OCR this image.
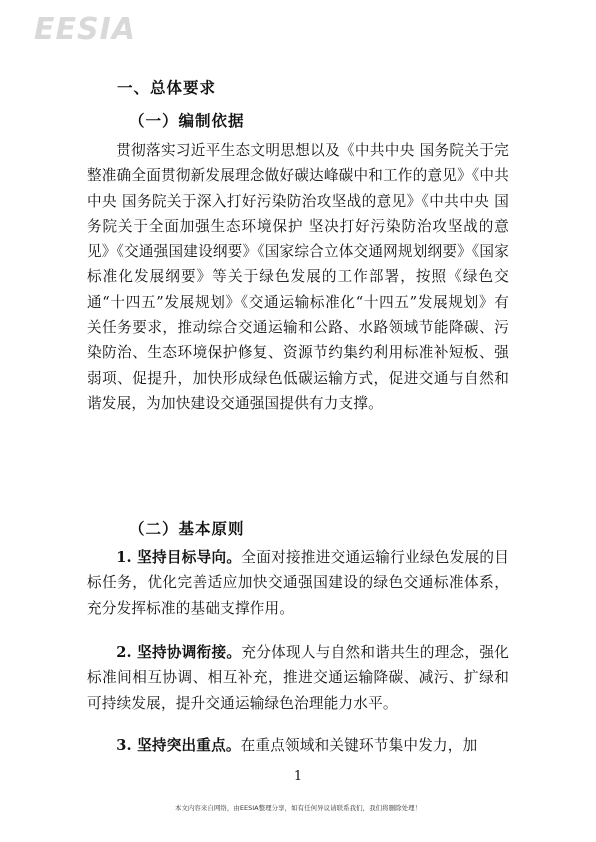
EESIA
一、总体要求
（一）编制依据

贯彻落实习近平生态文明思想以及《中共中央 国务院关于完整准确全面贯彻新发展理念做好碳达峰碳中和工作的意见》《中共中央 国务院关于深入打好污染防治攻坚战的意见》《中共中央 国务院关于全面加强生态环境保护 坚决打好污染防治攻坚战的意见》《交通强国建设纲要》《国家综合立体交通网规划纲要》《国家标准化发展纲要》等关于绿色发展的工作部署，按照《绿色交通“十四五”发展规划》《交通运输标准化“十四五”发展规划》有关任务要求，推动综合交通运输和公路、水路领域节能降碳、污染防治、生态环境保护修复、资源节约集约利用标准补短板、强弱项、促提升，加快形成绿色低碳运输方式，促进交通与自然和谐发展，为加快建设交通强国提供有力支撑。

（二）基本原则

1. 坚持目标导向。全面对接推进交通运输行业绿色发展的目标任务，优化完善适应加快交通强国建设的绿色交通标准体系，充分发挥标准的基础支撑作用。

2. 坚持协调衔接。充分体现人与自然和谐共生的理念，强化标准间相互协调、相互补充，推进交通运输降碳、减污、扩绿和可持续发展，提升交通运输绿色治理能力水平。

3. 坚持突出重点。在重点领域和关键环节集中发力，加

1
本文内容来自网络，由EESIA整理分享，如有任何异议请联系我们，我们将删除处理！
